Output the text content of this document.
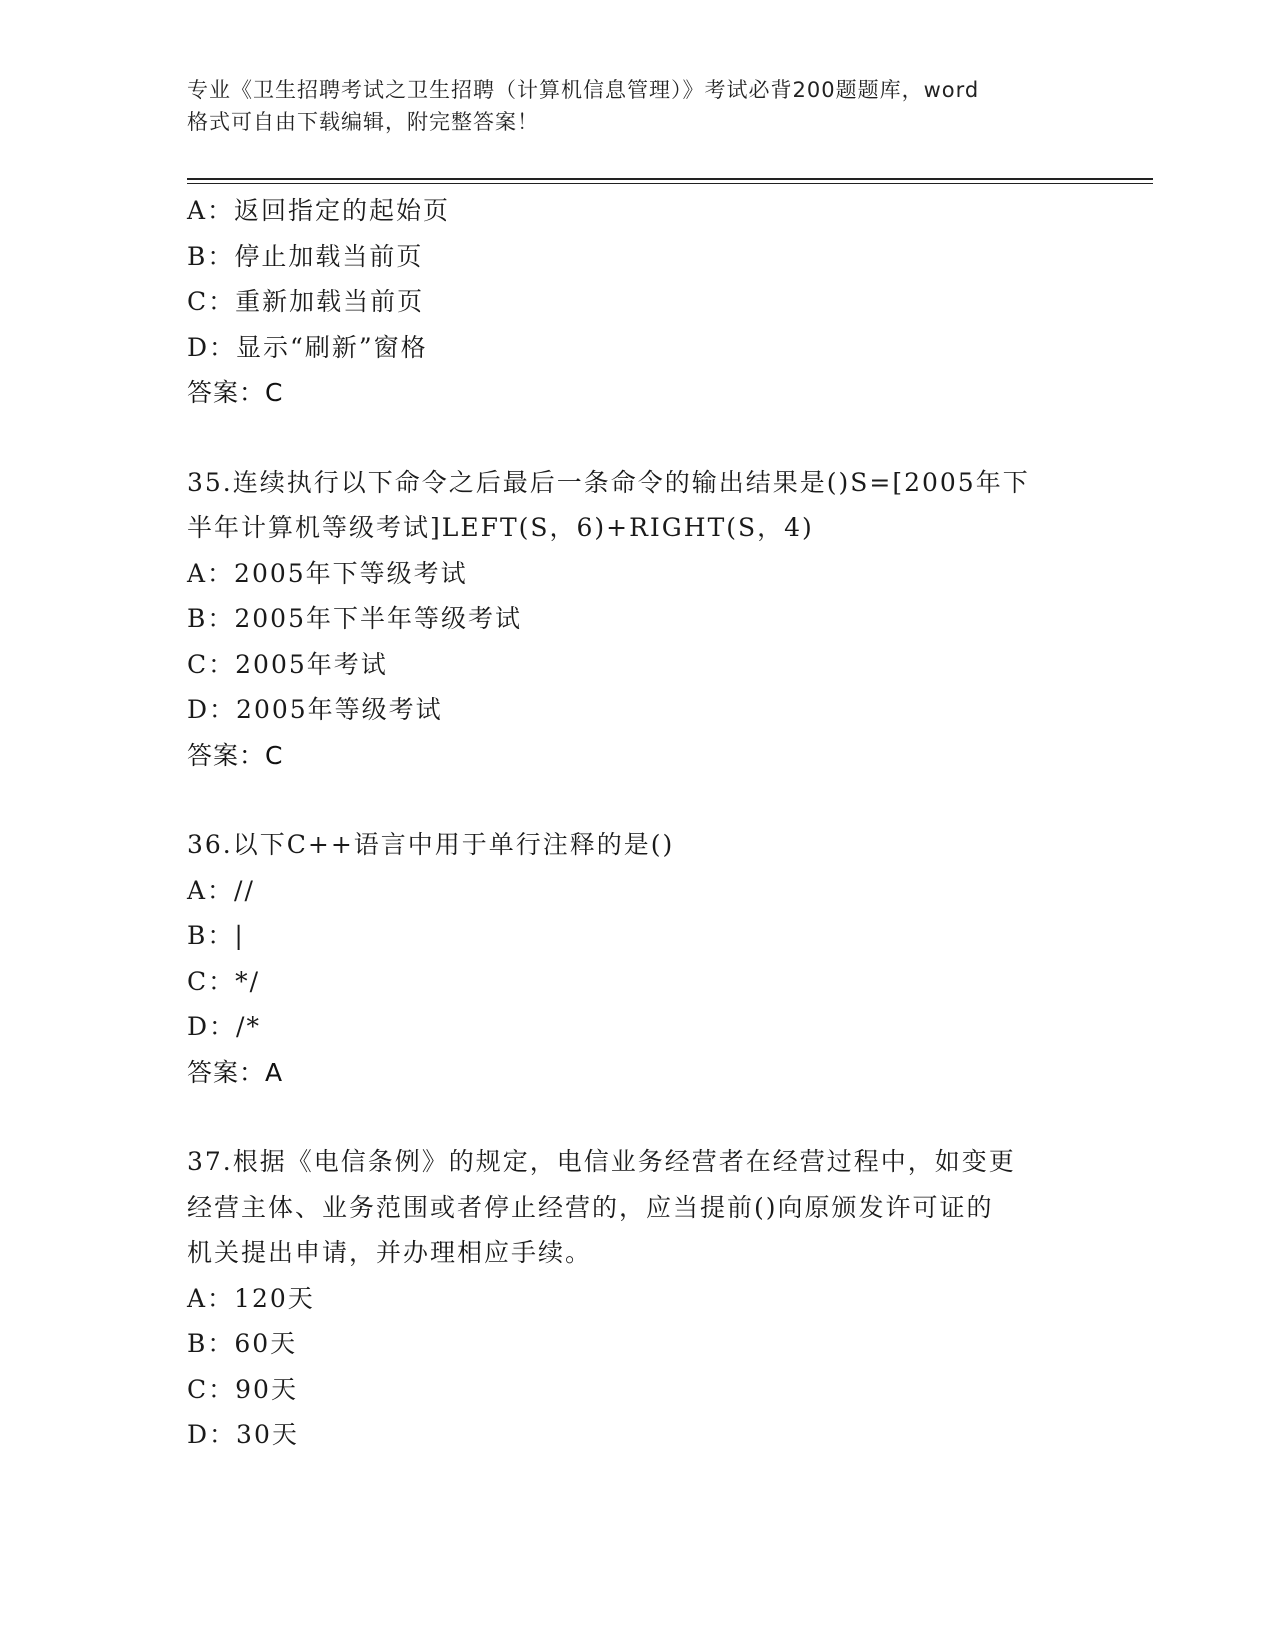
专业《卫生招聘考试之卫生招聘（计算机信息管理）》考试必背200题题库，word
格式可自由下载编辑，附完整答案！
A：返回指定的起始页
B：停止加载当前页
C：重新加载当前页
D：显示“刷新”窗格
答案：C
35.连续执行以下命令之后最后一条命令的输出结果是()S=[2005年下
半年计算机等级考试]LEFT(S，6)+RIGHT(S，4)
A：2005年下等级考试
B：2005年下半年等级考试
C：2005年考试
D：2005年等级考试
答案：C
36.以下C++语言中用于单行注释的是()
A：//
B：|
C：*/
D：/*
答案：A
37.根据《电信条例》的规定，电信业务经营者在经营过程中，如变更
经营主体、业务范围或者停止经营的，应当提前()向原颁发许可证的
机关提出申请，并办理相应手续。
A：120天
B：60天
C：90天
D：30天
